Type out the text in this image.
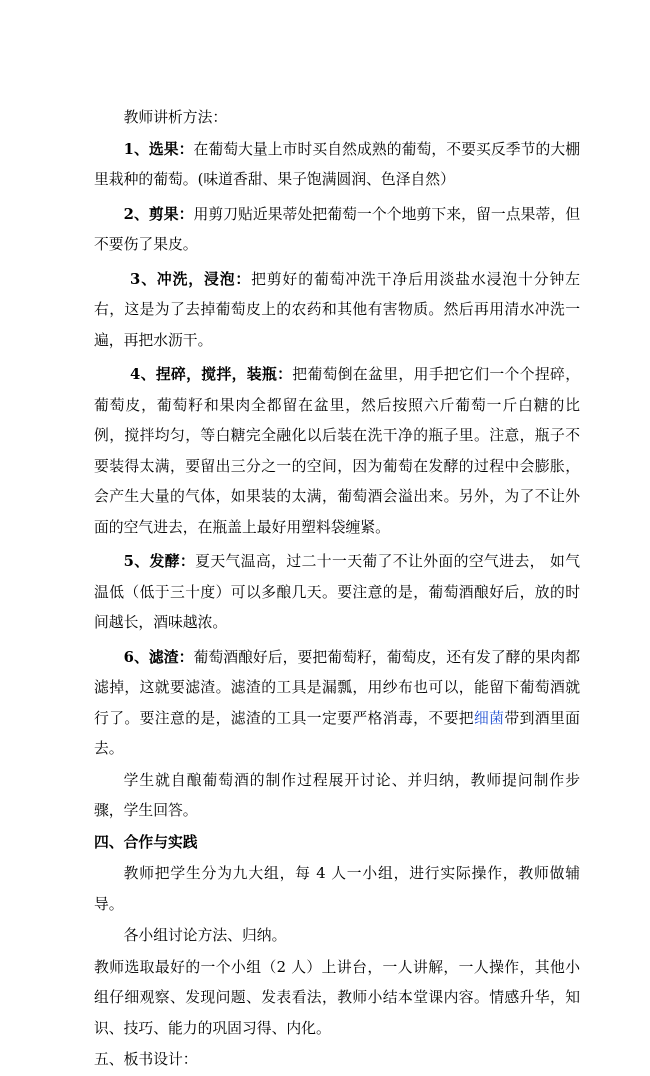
教师讲析方法：

1、选果：在葡萄大量上市时买自然成熟的葡萄，不要买反季节的大棚里栽种的葡萄。(味道香甜、果子饱满圆润、色泽自然）

2、剪果：用剪刀贴近果蒂处把葡萄一个个地剪下来，留一点果蒂，但不要伤了果皮。

3、冲洗，浸泡：把剪好的葡萄冲洗干净后用淡盐水浸泡十分钟左右，这是为了去掉葡萄皮上的农药和其他有害物质。然后再用清水冲洗一遍，再把水沥干。

4、捏碎，搅拌，装瓶：把葡萄倒在盆里，用手把它们一个个捏碎，葡萄皮，葡萄籽和果肉全都留在盆里，然后按照六斤葡萄一斤白糖的比例，搅拌均匀，等白糖完全融化以后装在洗干净的瓶子里。注意，瓶子不要装得太满，要留出三分之一的空间，因为葡萄在发酵的过程中会膨胀，会产生大量的气体，如果装的太满，葡萄酒会溢出来。另外，为了不让外面的空气进去，在瓶盖上最好用塑料袋缠紧。

5、发酵：夏天气温高，过二十一天葡了不让外面的空气进去， 如气温低（低于三十度）可以多酿几天。要注意的是，葡萄酒酿好后，放的时间越长，酒味越浓。

6、滤渣：葡萄酒酿好后，要把葡萄籽，葡萄皮，还有发了酵的果肉都滤掉，这就要滤渣。滤渣的工具是漏瓢，用纱布也可以，能留下葡萄酒就行了。要注意的是，滤渣的工具一定要严格消毒，不要把细菌带到酒里面去。

学生就自酿葡萄酒的制作过程展开讨论、并归纳，教师提问制作步骤，学生回答。

四、合作与实践

教师把学生分为九大组，每 4 人一小组，进行实际操作，教师做辅导。

各小组讨论方法、归纳。

教师选取最好的一个小组（2 人）上讲台，一人讲解，一人操作，其他小组仔细观察、发现问题、发表看法，教师小结本堂课内容。情感升华，知识、技巧、能力的巩固习得、内化。

五、板书设计：
